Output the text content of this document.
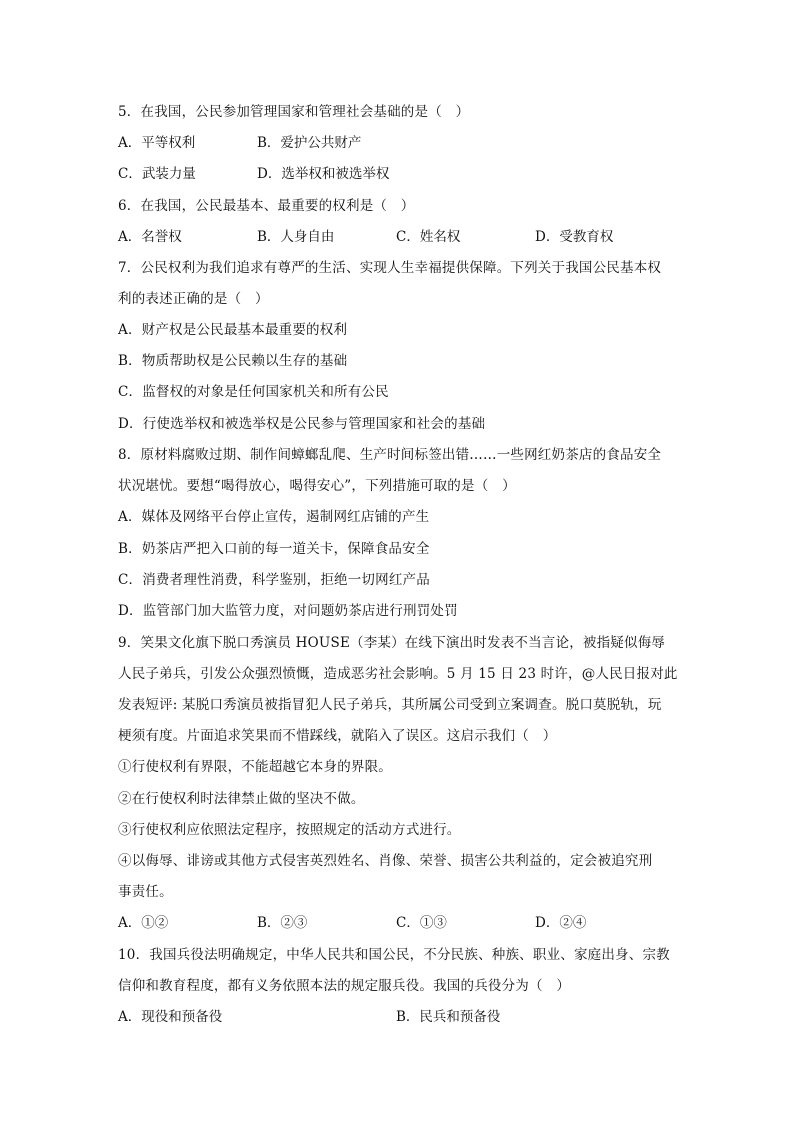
5．在我国，公民参加管理国家和管理社会基础的是（　）
A．平等权利	B．爱护公共财产
C．武装力量	D．选举权和被选举权
6．在我国，公民最基本、最重要的权利是（　）
A．名誉权	B．人身自由	C．姓名权	D．受教育权
7．公民权利为我们追求有尊严的生活、实现人生幸福提供保障。下列关于我国公民基本权
利的表述正确的是（　）
A．财产权是公民最基本最重要的权利
B．物质帮助权是公民赖以生存的基础
C．监督权的对象是任何国家机关和所有公民
D．行使选举权和被选举权是公民参与管理国家和社会的基础
8．原材料腐败过期、制作间蟑螂乱爬、生产时间标签出错……一些网红奶茶店的食品安全
状况堪忧。要想“喝得放心，喝得安心”，下列措施可取的是（　）
A．媒体及网络平台停止宣传，遏制网红店铺的产生
B．奶茶店严把入口前的每一道关卡，保障食品安全
C．消费者理性消费，科学鉴别，拒绝一切网红产品
D．监管部门加大监管力度，对问题奶茶店进行刑罚处罚
9．笑果文化旗下脱口秀演员 HOUSE（李某）在线下演出时发表不当言论，被指疑似侮辱
人民子弟兵，引发公众强烈愤慨，造成恶劣社会影响。5 月 15 日 23 时许，@人民日报对此
发表短评: 某脱口秀演员被指冒犯人民子弟兵，其所属公司受到立案调查。脱口莫脱轨，玩
梗须有度。片面追求笑果而不惜踩线，就陷入了误区。这启示我们（　）
①行使权利有界限，不能超越它本身的界限。
②在行使权利时法律禁止做的坚决不做。
③行使权利应依照法定程序，按照规定的活动方式进行。
④以侮辱、诽谤或其他方式侵害英烈姓名、肖像、荣誉、损害公共利益的，定会被追究刑
事责任。
A．①②	B．②③	C．①③	D．②④
10．我国兵役法明确规定，中华人民共和国公民，不分民族、种族、职业、家庭出身、宗教
信仰和教育程度，都有义务依照本法的规定服兵役。我国的兵役分为（　）
A．现役和预备役	B．民兵和预备役
